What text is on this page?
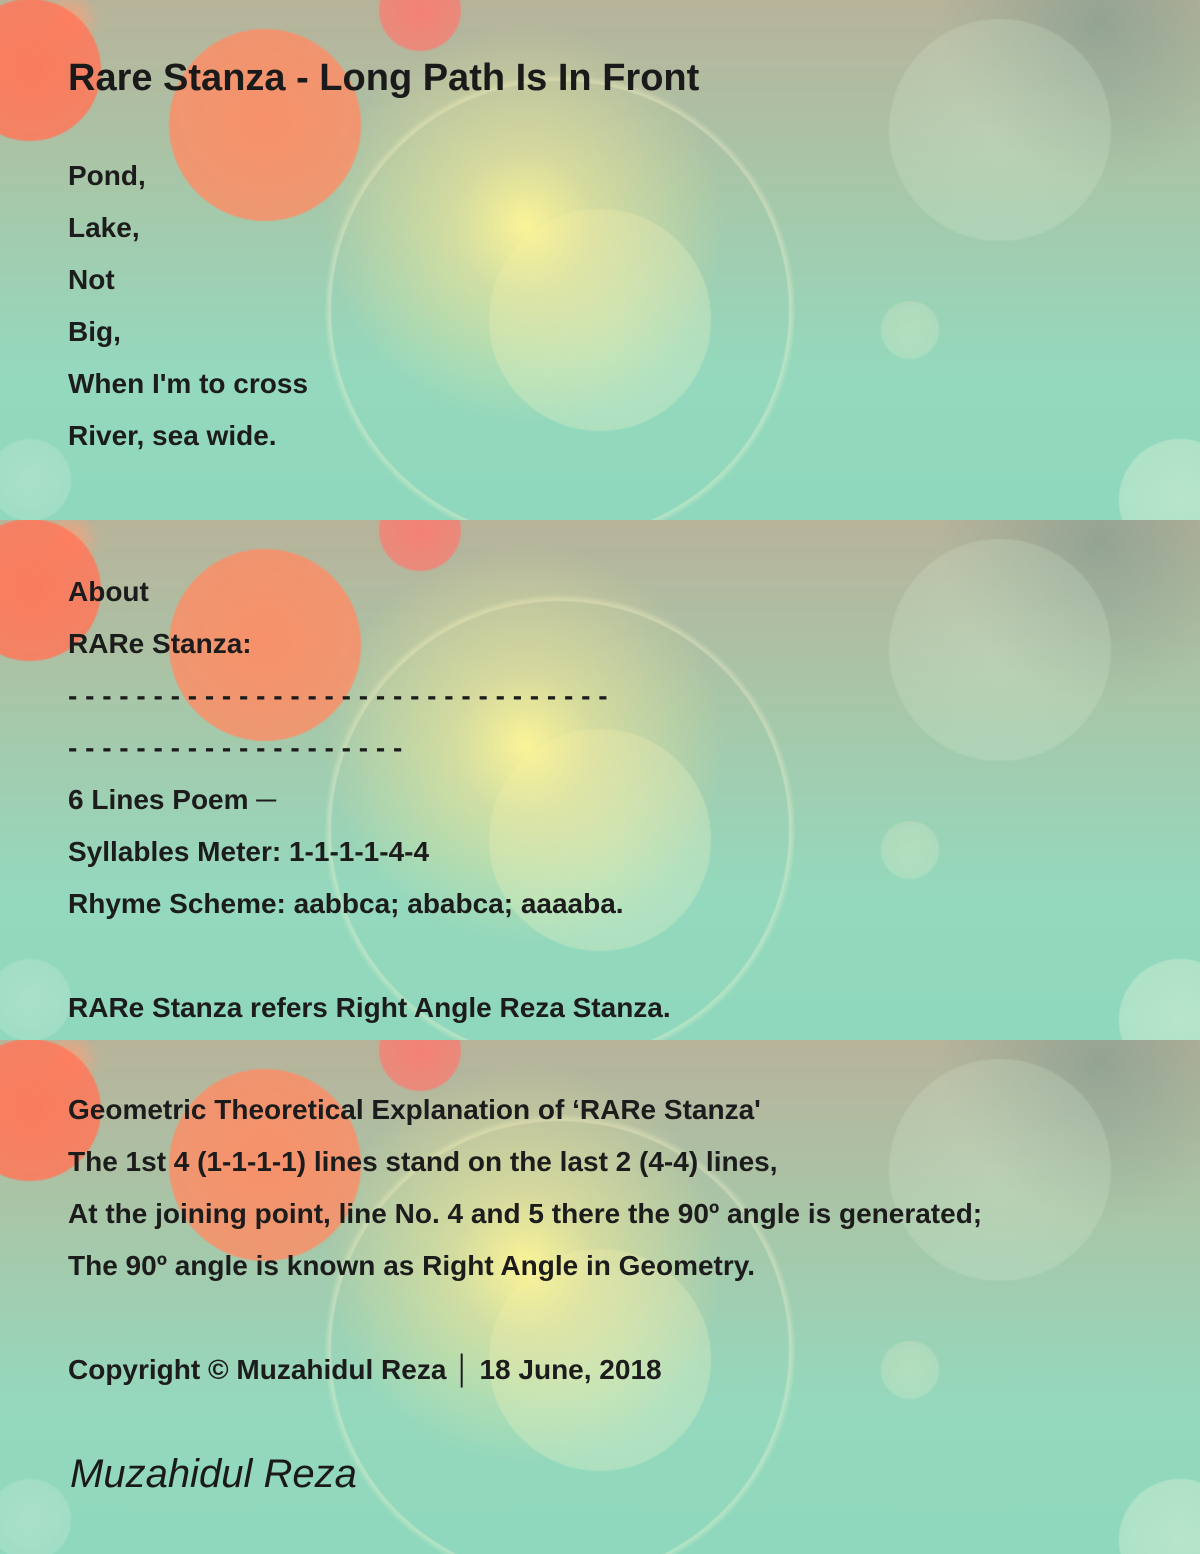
Rare Stanza - Long Path Is In Front
Pond,
Lake,
Not
Big,
When I'm to cross
River, sea wide.
About
RARe Stanza:
- - - - - - - - - - - - - - - - - - - - - - - - - - - - - - - -
- - - - - - - - - - - - - - - - - - - -
6 Lines Poem ─
Syllables Meter: 1-1-1-1-4-4
Rhyme Scheme: aabbca; ababca; aaaaba.
RARe Stanza refers Right Angle Reza Stanza.
Geometric Theoretical Explanation of ‘RARe Stanza'
The 1st 4 (1-1-1-1) lines stand on the last 2 (4-4) lines,
At the joining point, line No. 4 and 5 there the 90º angle is generated;
The 90º angle is known as Right Angle in Geometry.
Copyright © Muzahidul Reza │ 18 June, 2018

Muzahidul Reza
